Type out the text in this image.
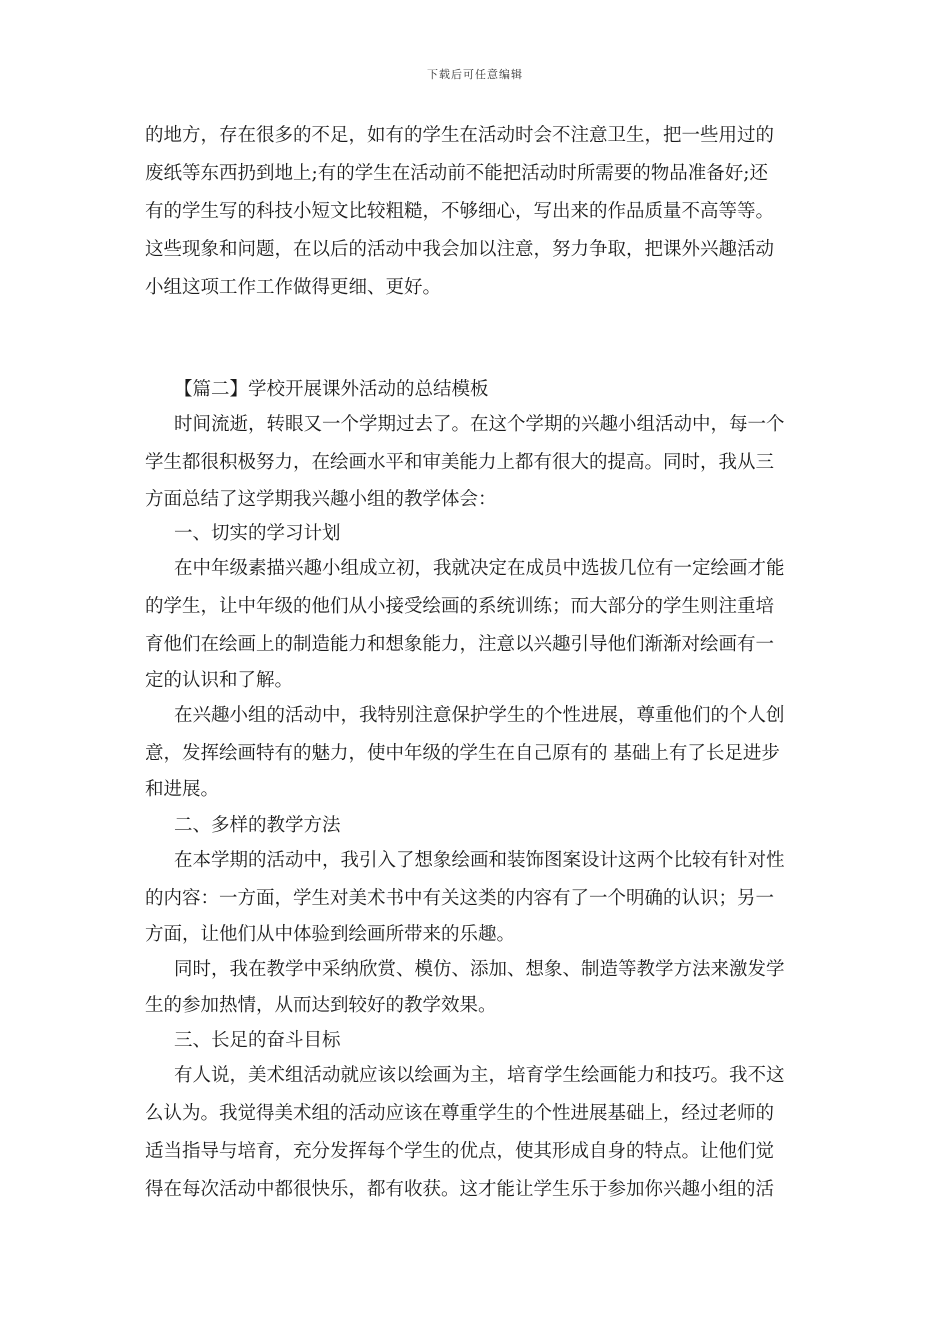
下载后可任意编辑
的地方，存在很多的不足，如有的学生在活动时会不注意卫生，把一些用过的
废纸等东西扔到地上;有的学生在活动前不能把活动时所需要的物品准备好;还
有的学生写的科技小短文比较粗糙，不够细心，写出来的作品质量不高等等。
这些现象和问题，在以后的活动中我会加以注意，努力争取，把课外兴趣活动
小组这项工作工作做得更细、更好。
【篇二】学校开展课外活动的总结模板
时间流逝，转眼又一个学期过去了。在这个学期的兴趣小组活动中，每一个
学生都很积极努力，在绘画水平和审美能力上都有很大的提高。同时，我从三
方面总结了这学期我兴趣小组的教学体会：
一、切实的学习计划
在中年级素描兴趣小组成立初，我就决定在成员中选拔几位有一定绘画才能
的学生，让中年级的他们从小接受绘画的系统训练；而大部分的学生则注重培
育他们在绘画上的制造能力和想象能力，注意以兴趣引导他们渐渐对绘画有一
定的认识和了解。
在兴趣小组的活动中，我特别注意保护学生的个性进展，尊重他们的个人创
意，发挥绘画特有的魅力，使中年级的学生在自己原有的 基础上有了长足进步
和进展。
二、多样的教学方法
在本学期的活动中，我引入了想象绘画和装饰图案设计这两个比较有针对性
的内容：一方面，学生对美术书中有关这类的内容有了一个明确的认识；另一
方面，让他们从中体验到绘画所带来的乐趣。
同时，我在教学中采纳欣赏、模仿、添加、想象、制造等教学方法来激发学
生的参加热情，从而达到较好的教学效果。
三、长足的奋斗目标
有人说，美术组活动就应该以绘画为主，培育学生绘画能力和技巧。我不这
么认为。我觉得美术组的活动应该在尊重学生的个性进展基础上，经过老师的
适当指导与培育，充分发挥每个学生的优点，使其形成自身的特点。让他们觉
得在每次活动中都很快乐，都有收获。这才能让学生乐于参加你兴趣小组的活
